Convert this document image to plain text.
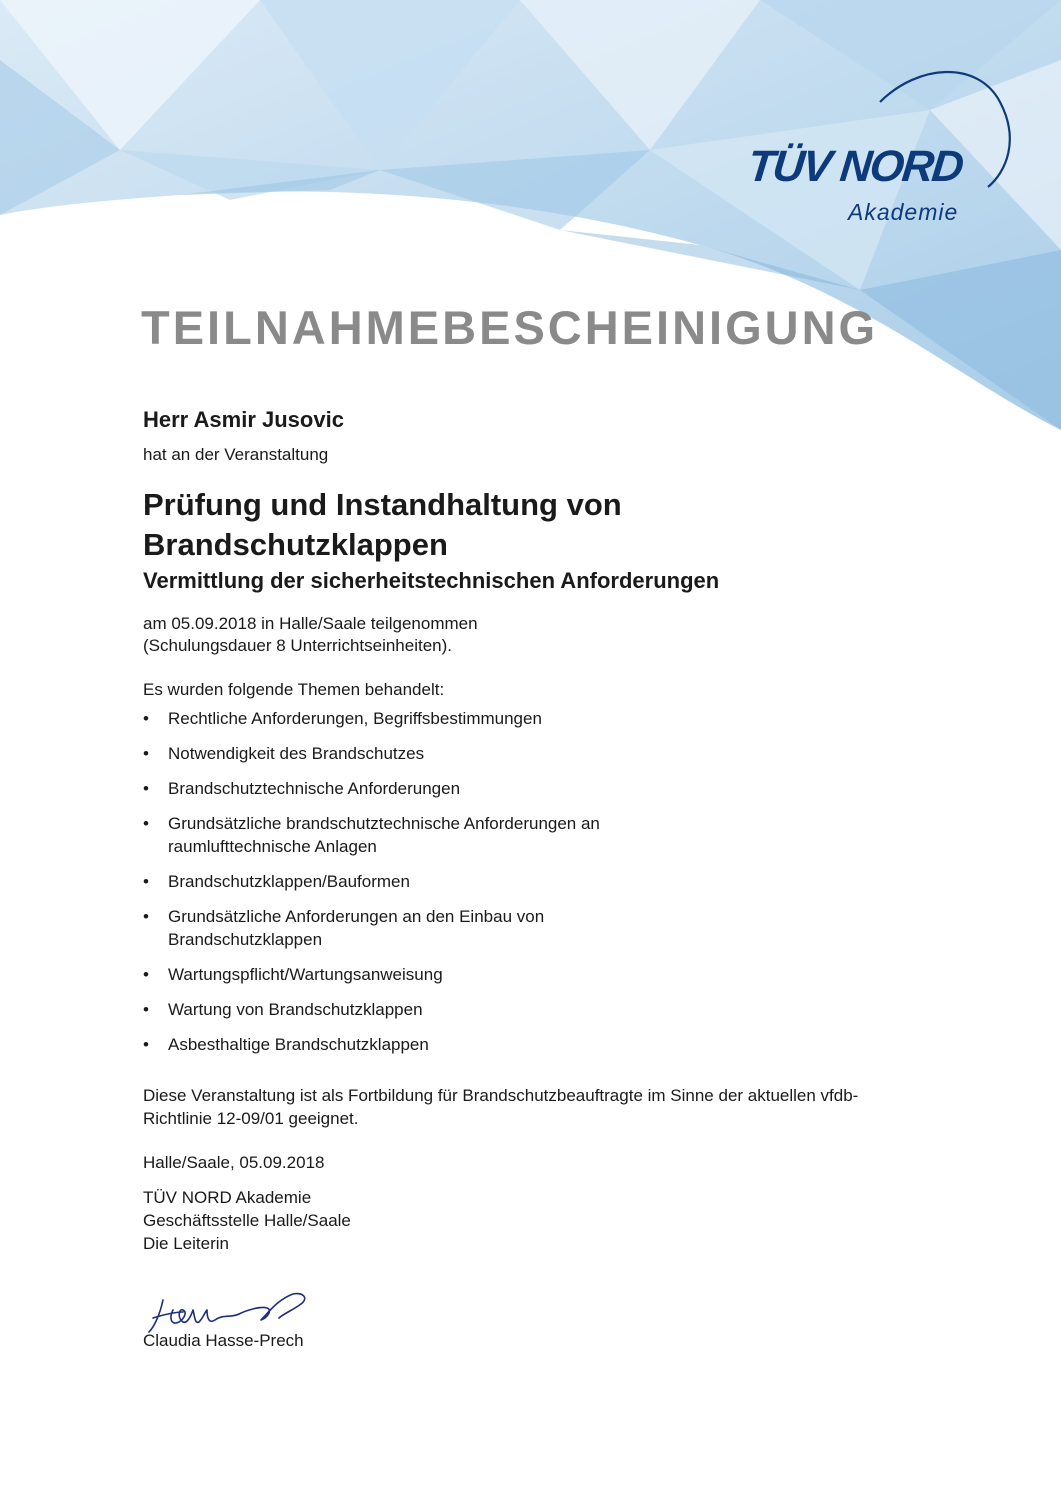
TÜV NORD
Akademie
TEILNAHMEBESCHEINIGUNG

Herr Asmir Jusovic

hat an der Veranstaltung

Prüfung und Instandhaltung von Brandschutzklappen

Vermittlung der sicherheitstechnischen Anforderungen

am 05.09.2018 in Halle/Saale teilgenommen
(Schulungsdauer 8 Unterrichtseinheiten).

Es wurden folgende Themen behandelt:

• Rechtliche Anforderungen, Begriffsbestimmungen
• Notwendigkeit des Brandschutzes
• Brandschutztechnische Anforderungen
• Grundsätzliche brandschutztechnische Anforderungen an raumlufttechnische Anlagen
• Brandschutzklappen/Bauformen
• Grundsätzliche Anforderungen an den Einbau von Brandschutzklappen
• Wartungspflicht/Wartungsanweisung
• Wartung von Brandschutzklappen
• Asbesthaltige Brandschutzklappen

Diese Veranstaltung ist als Fortbildung für Brandschutzbeauftragte im Sinne der aktuellen vfdb-Richtlinie 12-09/01 geeignet.

Halle/Saale, 05.09.2018

TÜV NORD Akademie
Geschäftsstelle Halle/Saale
Die Leiterin
Claudia Hasse-Prech
